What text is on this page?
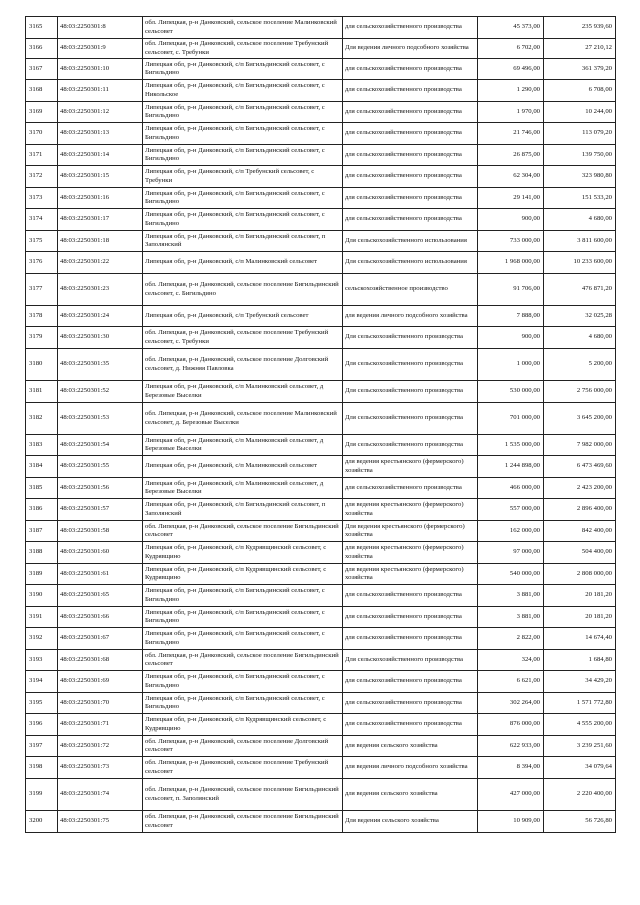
3165	48:03:2250301:8	обл. Липецкая, р-н Данковский, сельское поселение Малинковский сельсовет	для сельскохозяйственного производства	45 373,00	235 939,60
3166	48:03:2250301:9	обл. Липецкая, р-н Данковский, сельское поселение Требунский сельсовет, с. Требунки	Для ведения личного подсобного хозяйства	6 702,00	27 210,12
3167	48:03:2250301:10	Липецкая обл, р-н Данковский, с/п Бигильдинский сельсовет, с Бигильдино	для сельскохозяйственного производства	69 496,00	361 379,20
3168	48:03:2250301:11	Липецкая обл, р-н Данковский, с/п Бигильдинский сельсовет, с Никольское	для сельскохозяйственного производства	1 290,00	6 708,00
3169	48:03:2250301:12	Липецкая обл, р-н Данковский, с/п Бигильдинский сельсовет, с Бигильдино	для сельскохозяйственного производства	1 970,00	10 244,00
3170	48:03:2250301:13	Липецкая обл, р-н Данковский, с/п Бигильдинский сельсовет, с Бигильдино	для сельскохозяйственного производства	21 746,00	113 079,20
3171	48:03:2250301:14	Липецкая обл, р-н Данковский, с/п Бигильдинский сельсовет, с Бигильдино	для сельскохозяйственного производства	26 875,00	139 750,00
3172	48:03:2250301:15	Липецкая обл, р-н Данковский, с/п Требунский сельсовет, с Требунки	для сельскохозяйственного производства	62 304,00	323 980,80
3173	48:03:2250301:16	Липецкая обл, р-н Данковский, с/п Бигильдинский сельсовет, с Бигильдино	для сельскохозяйственного производства	29 141,00	151 533,20
3174	48:03:2250301:17	Липецкая обл, р-н Данковский, с/п Бигильдинский сельсовет, с Бигильдино	для сельскохозяйственного производства	900,00	4 680,00
3175	48:03:2250301:18	Липецкая обл, р-н Данковский, с/п Бигильдинский сельсовет, п Заполянский	Для сельскохозяйственного использования	733 000,00	3 811 600,00
3176	48:03:2250301:22	Липецкая обл, р-н Данковский, с/п Малинковский сельсовет	Для сельскохозяйственного использования	1 968 000,00	10 233 600,00
3177	48:03:2250301:23	обл. Липецкая, р-н Данковский, сельское поселение Бигильдинский сельсовет, с. Бигильдино	сельскохозяйственное производство	91 706,00	476 871,20
3178	48:03:2250301:24	Липецкая обл, р-н Данковский, с/п Требунский сельсовет	для ведения личного подсобного хозяйства	7 888,00	32 025,28
3179	48:03:2250301:30	обл. Липецкая, р-н Данковский, сельское поселение Требунский сельсовет, с. Требунки	Для сельскохозяйственного производства	900,00	4 680,00
3180	48:03:2250301:35	обл. Липецкая, р-н Данковский, сельское поселение Долговский сельсовет, д. Нижняя Павловка	Для сельскохозяйственного производства	1 000,00	5 200,00
3181	48:03:2250301:52	Липецкая обл, р-н Данковский, с/п Малинковский сельсовет, д Березовые Выселки	Для сельскохозяйственного производства	530 000,00	2 756 000,00
3182	48:03:2250301:53	обл. Липецкая, р-н Данковский, сельское поселение Малинковский сельсовет, д. Березовые Выселки	Для сельскохозяйственного производства	701 000,00	3 645 200,00
3183	48:03:2250301:54	Липецкая обл, р-н Данковский, с/п Малинковский сельсовет, д Березовые Выселки	Для сельскохозяйственного производства	1 535 000,00	7 982 000,00
3184	48:03:2250301:55	Липецкая обл, р-н Данковский, с/п Малинковский сельсовет	для ведения крестьянского (фермерского) хозяйства	1 244 898,00	6 473 469,60
3185	48:03:2250301:56	Липецкая обл, р-н Данковский, с/п Малинковский сельсовет, д Березовые Выселки	для сельскохозяйственного производства	466 000,00	2 423 200,00
3186	48:03:2250301:57	Липецкая обл, р-н Данковский, с/п Бигильдинский сельсовет, п Заполянский	для ведения крестьянского (фермерского) хозяйства	557 000,00	2 896 400,00
3187	48:03:2250301:58	обл. Липецкая, р-н Данковский, сельское поселение Бигильдинский сельсовет	Для ведения крестьянского (фермерского) хозяйства	162 000,00	842 400,00
3188	48:03:2250301:60	Липецкая обл, р-н Данковский, с/п Кудрявщинский сельсовет, с Кудрявщино	для ведения крестьянского (фермерского) хозяйства	97 000,00	504 400,00
3189	48:03:2250301:61	Липецкая обл, р-н Данковский, с/п Кудрявщинский сельсовет, с Кудрявщино	для ведения крестьянского (фермерского) хозяйства	540 000,00	2 808 000,00
3190	48:03:2250301:65	Липецкая обл, р-н Данковский, с/п Бигильдинский сельсовет, с Бигильдино	для сельскохозяйственного производства	3 881,00	20 181,20
3191	48:03:2250301:66	Липецкая обл, р-н Данковский, с/п Бигильдинский сельсовет, с Бигильдино	для сельскохозяйственного производства	3 881,00	20 181,20
3192	48:03:2250301:67	Липецкая обл, р-н Данковский, с/п Бигильдинский сельсовет, с Бигильдино	для сельскохозяйственного производства	2 822,00	14 674,40
3193	48:03:2250301:68	обл. Липецкая, р-н Данковский, сельское поселение Бигильдинский сельсовет	Для сельскохозяйственного производства	324,00	1 684,80
3194	48:03:2250301:69	Липецкая обл, р-н Данковский, с/п Бигильдинский сельсовет, с Бигильдино	для сельскохозяйственного производства	6 621,00	34 429,20
3195	48:03:2250301:70	Липецкая обл, р-н Данковский, с/п Бигильдинский сельсовет, с Бигильдино	для сельскохозяйственного производства	302 264,00	1 571 772,80
3196	48:03:2250301:71	Липецкая обл, р-н Данковский, с/п Кудрявщинский сельсовет, с Кудрявщино	для сельскохозяйственного производства	876 000,00	4 555 200,00
3197	48:03:2250301:72	обл. Липецкая, р-н Данковский, сельское поселение Долговский сельсовет	для ведения сельского хозяйства	622 933,00	3 239 251,60
3198	48:03:2250301:73	обл. Липецкая, р-н Данковский, сельское поселение Требунский сельсовет	для ведения личного подсобного хозяйства	8 394,00	34 079,64
3199	48:03:2250301:74	обл. Липецкая, р-н Данковский, сельское поселение Бигильдинский сельсовет, п. Заполянский	для ведения сельского хозяйства	427 000,00	2 220 400,00
3200	48:03:2250301:75	обл. Липецкая, р-н Данковский, сельское поселение Бигильдинский сельсовет	Для ведения сельского хозяйства	10 909,00	56 726,80
